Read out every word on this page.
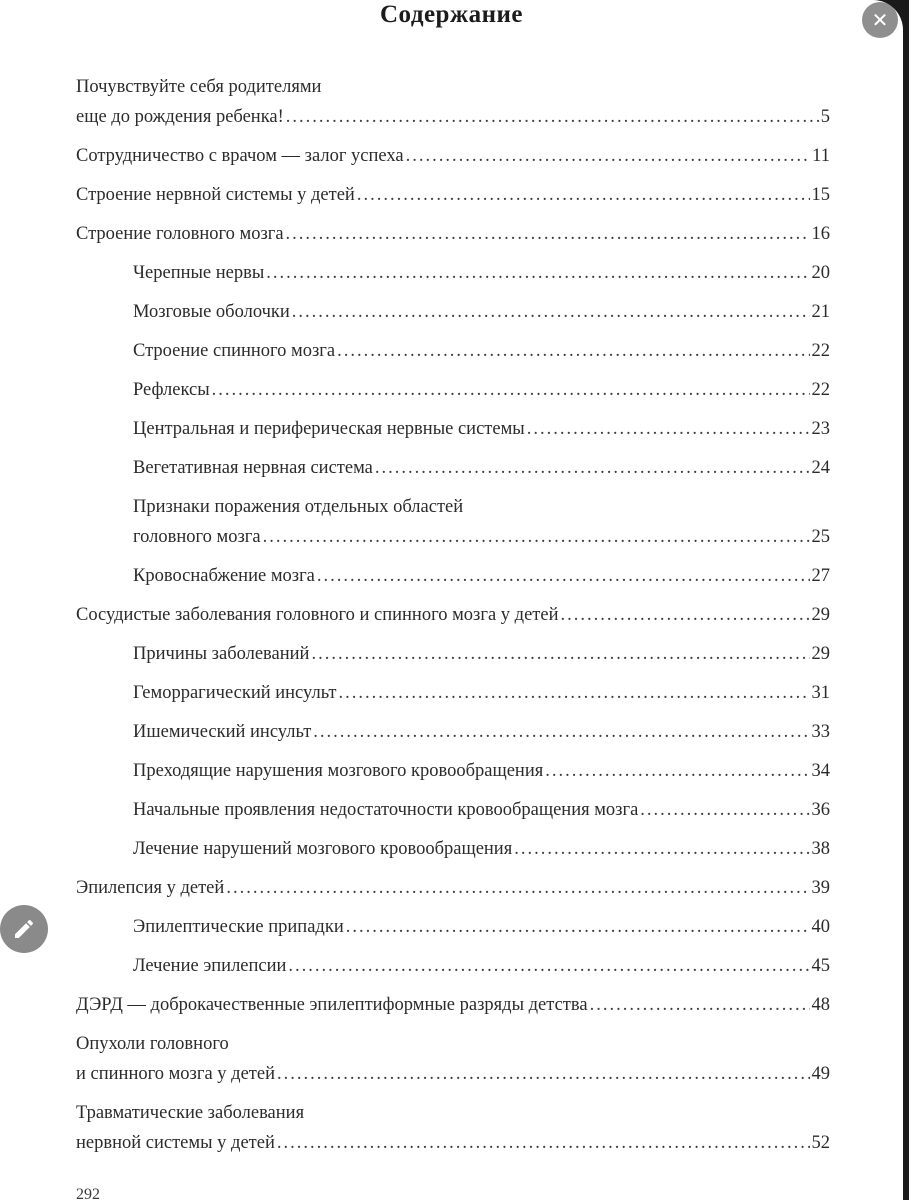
Содержание
Почувствуйте себя родителями
еще до рождения ребенка! .....	5
Сотрудничество с врачом — залог успеха .....	11
Строение нервной системы у детей .....	15
Строение головного мозга .....	16
Черепные нервы .....	20
Мозговые оболочки .....	21
Строение спинного мозга .....	22
Рефлексы .....	22
Центральная и периферическая нервные системы .....	23
Вегетативная нервная система .....	24
Признаки поражения отдельных областей
головного мозга .....	25
Кровоснабжение мозга .....	27
Сосудистые заболевания головного и спинного мозга у детей .....	29
Причины заболеваний .....	29
Геморрагический инсульт .....	31
Ишемический инсульт .....	33
Преходящие нарушения мозгового кровообращения .....	34
Начальные проявления недостаточности кровообращения мозга .....	36
Лечение нарушений мозгового кровообращения .....	38
Эпилепсия у детей .....	39
Эпилептические припадки .....	40
Лечение эпилепсии .....	45
ДЭРД — доброкачественные эпилептиформные разряды детства .....	48
Опухоли головного
и спинного мозга у детей .....	49
Травматические заболевания
нервной системы у детей .....	52
292
✕
